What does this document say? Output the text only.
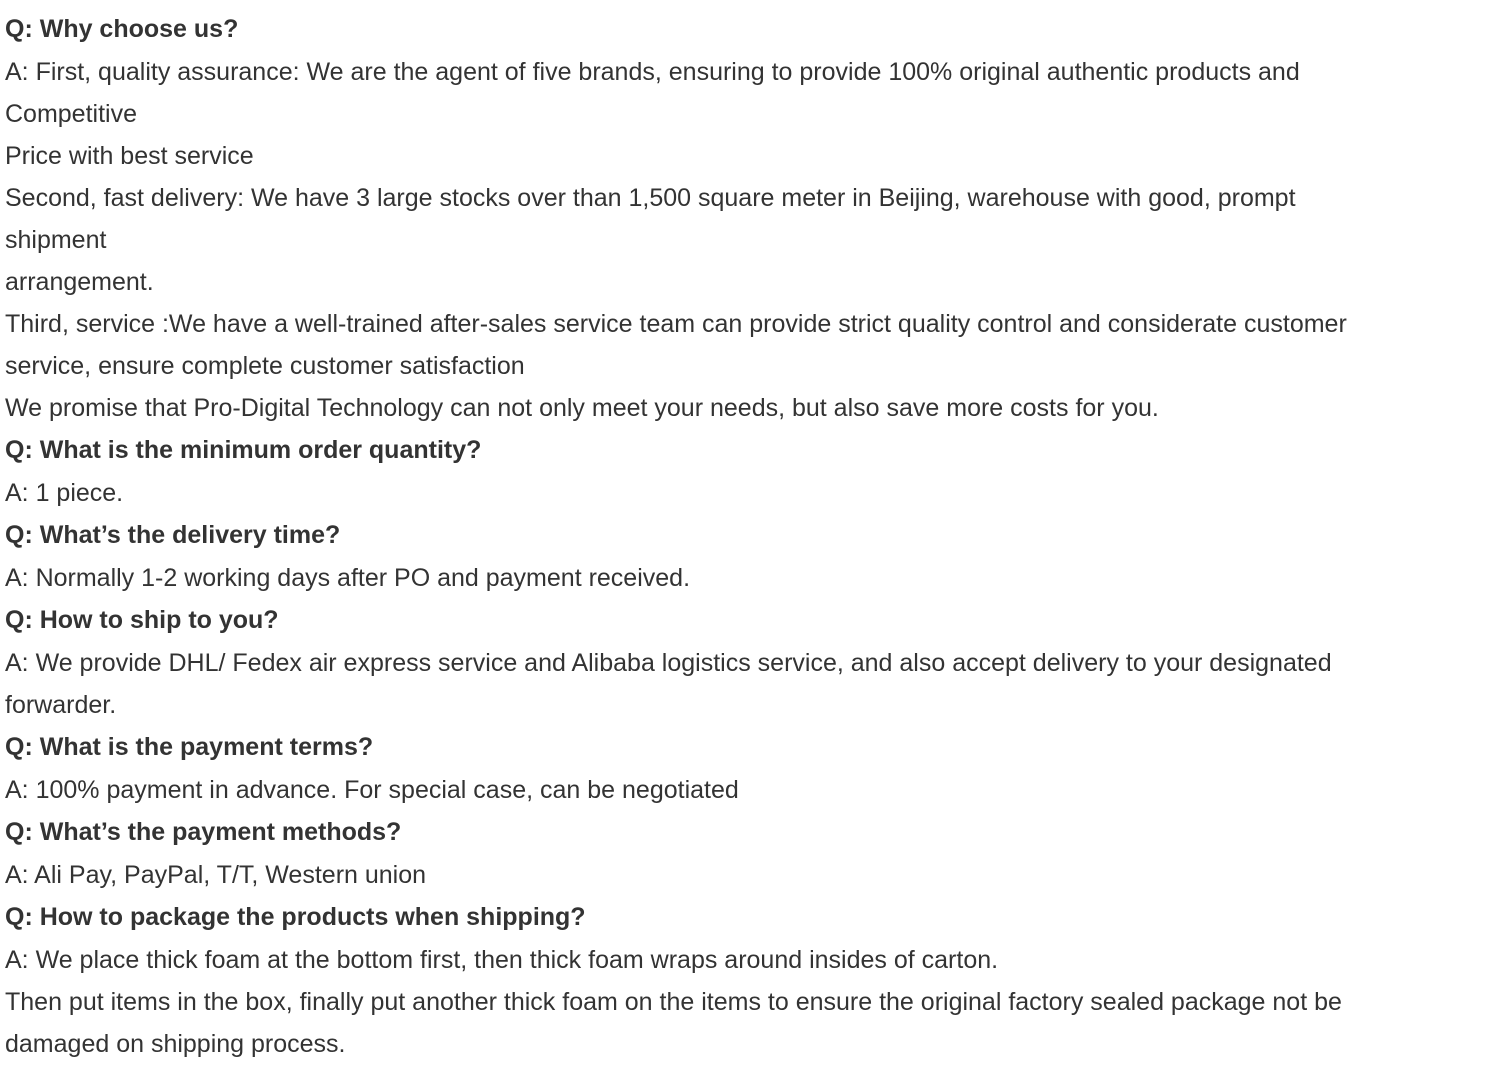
Q: Why choose us?
A: First, quality assurance: We are the agent of five brands, ensuring to provide 100% original authentic products and
Competitive
Price with best service
Second, fast delivery: We have 3 large stocks over than 1,500 square meter in Beijing, warehouse with good, prompt
shipment
arrangement.
Third, service :We have a well-trained after-sales service team can provide strict quality control and considerate customer
service, ensure complete customer satisfaction
We promise that Pro-Digital Technology can not only meet your needs, but also save more costs for you.
Q: What is the minimum order quantity?
A: 1 piece.
Q: What’s the delivery time?
A: Normally 1-2 working days after PO and payment received.
Q: How to ship to you?
A: We provide DHL/ Fedex air express service and Alibaba logistics service, and also accept delivery to your designated
forwarder.
Q: What is the payment terms?
A: 100% payment in advance. For special case, can be negotiated
Q: What’s the payment methods?
A: Ali Pay, PayPal, T/T, Western union
Q: How to package the products when shipping?
A: We place thick foam at the bottom first, then thick foam wraps around insides of carton.
Then put items in the box, finally put another thick foam on the items to ensure the original factory sealed package not be
damaged on shipping process.
